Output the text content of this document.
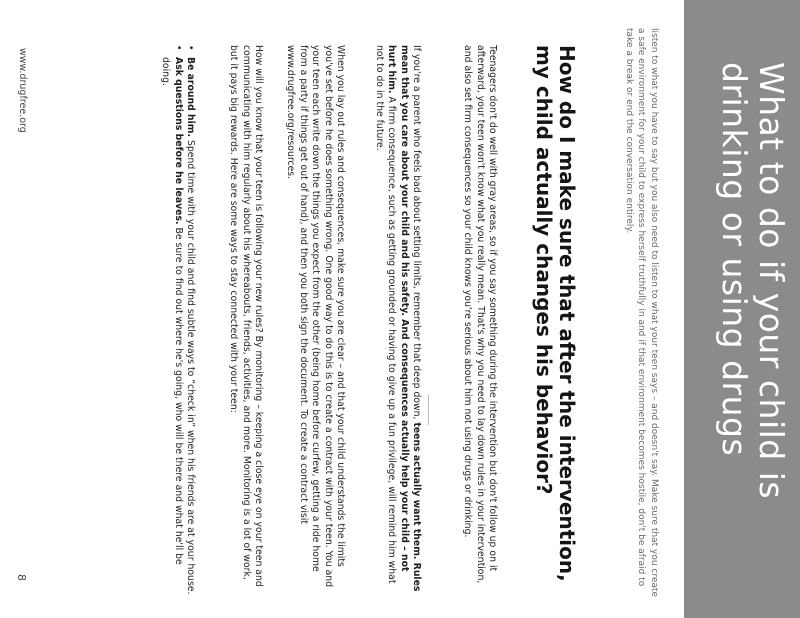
What to do if your child is drinking or using drugs

listen to what you have to say but you also need to listen to what your teen says – and doesn't say. Make sure that you create a safe environment for your child to express herself truthfully in and if that environment becomes hostile, don't be afraid to take a break or end the conversation entirely.

How do I make sure that after the intervention, my child actually changes his behavior?

Teenagers don't do well with gray areas, so if you say something during the intervention but don't follow up on it afterward, your teen won't know what you really mean. That's why you need to lay down rules in your intervention, and also set firm consequences so your child knows you're serious about him not using drugs or drinking.

If you're a parent who feels bad about setting limits, remember that deep down, teens actually want them. Rules mean that you care about your child and his safety. And consequences actually help your child – not hurt him. A firm consequence, such as getting grounded or having to give up a fun privilege, will remind him what not to do in the future.

When you lay out rules and consequences, make sure you are clear – and that your child understands the limits you've set before he does something wrong. One good way to do this is to create a contract with your teen. You and your teen each write down the things you expect from the other (being home before curfew, getting a ride home from a party if things get out of hand), and then you both sign the document. To create a contract visit www.drugfree.org/resources.

How will you know that your teen is following your new rules? By monitoring – keeping a close eye on your teen and communicating with him regularly about his whereabouts, friends, activities, and more. Monitoring is a lot of work, but it pays big rewards. Here are some ways to stay connected with your teen:

•
Be around him. Spend time with your child and find subtle ways to “check in” when his friends are at your house.
•
Ask questions before he leaves. Be sure to find out where he's going, who will be there and what he'll be doing.

www.drugfree.org

8
